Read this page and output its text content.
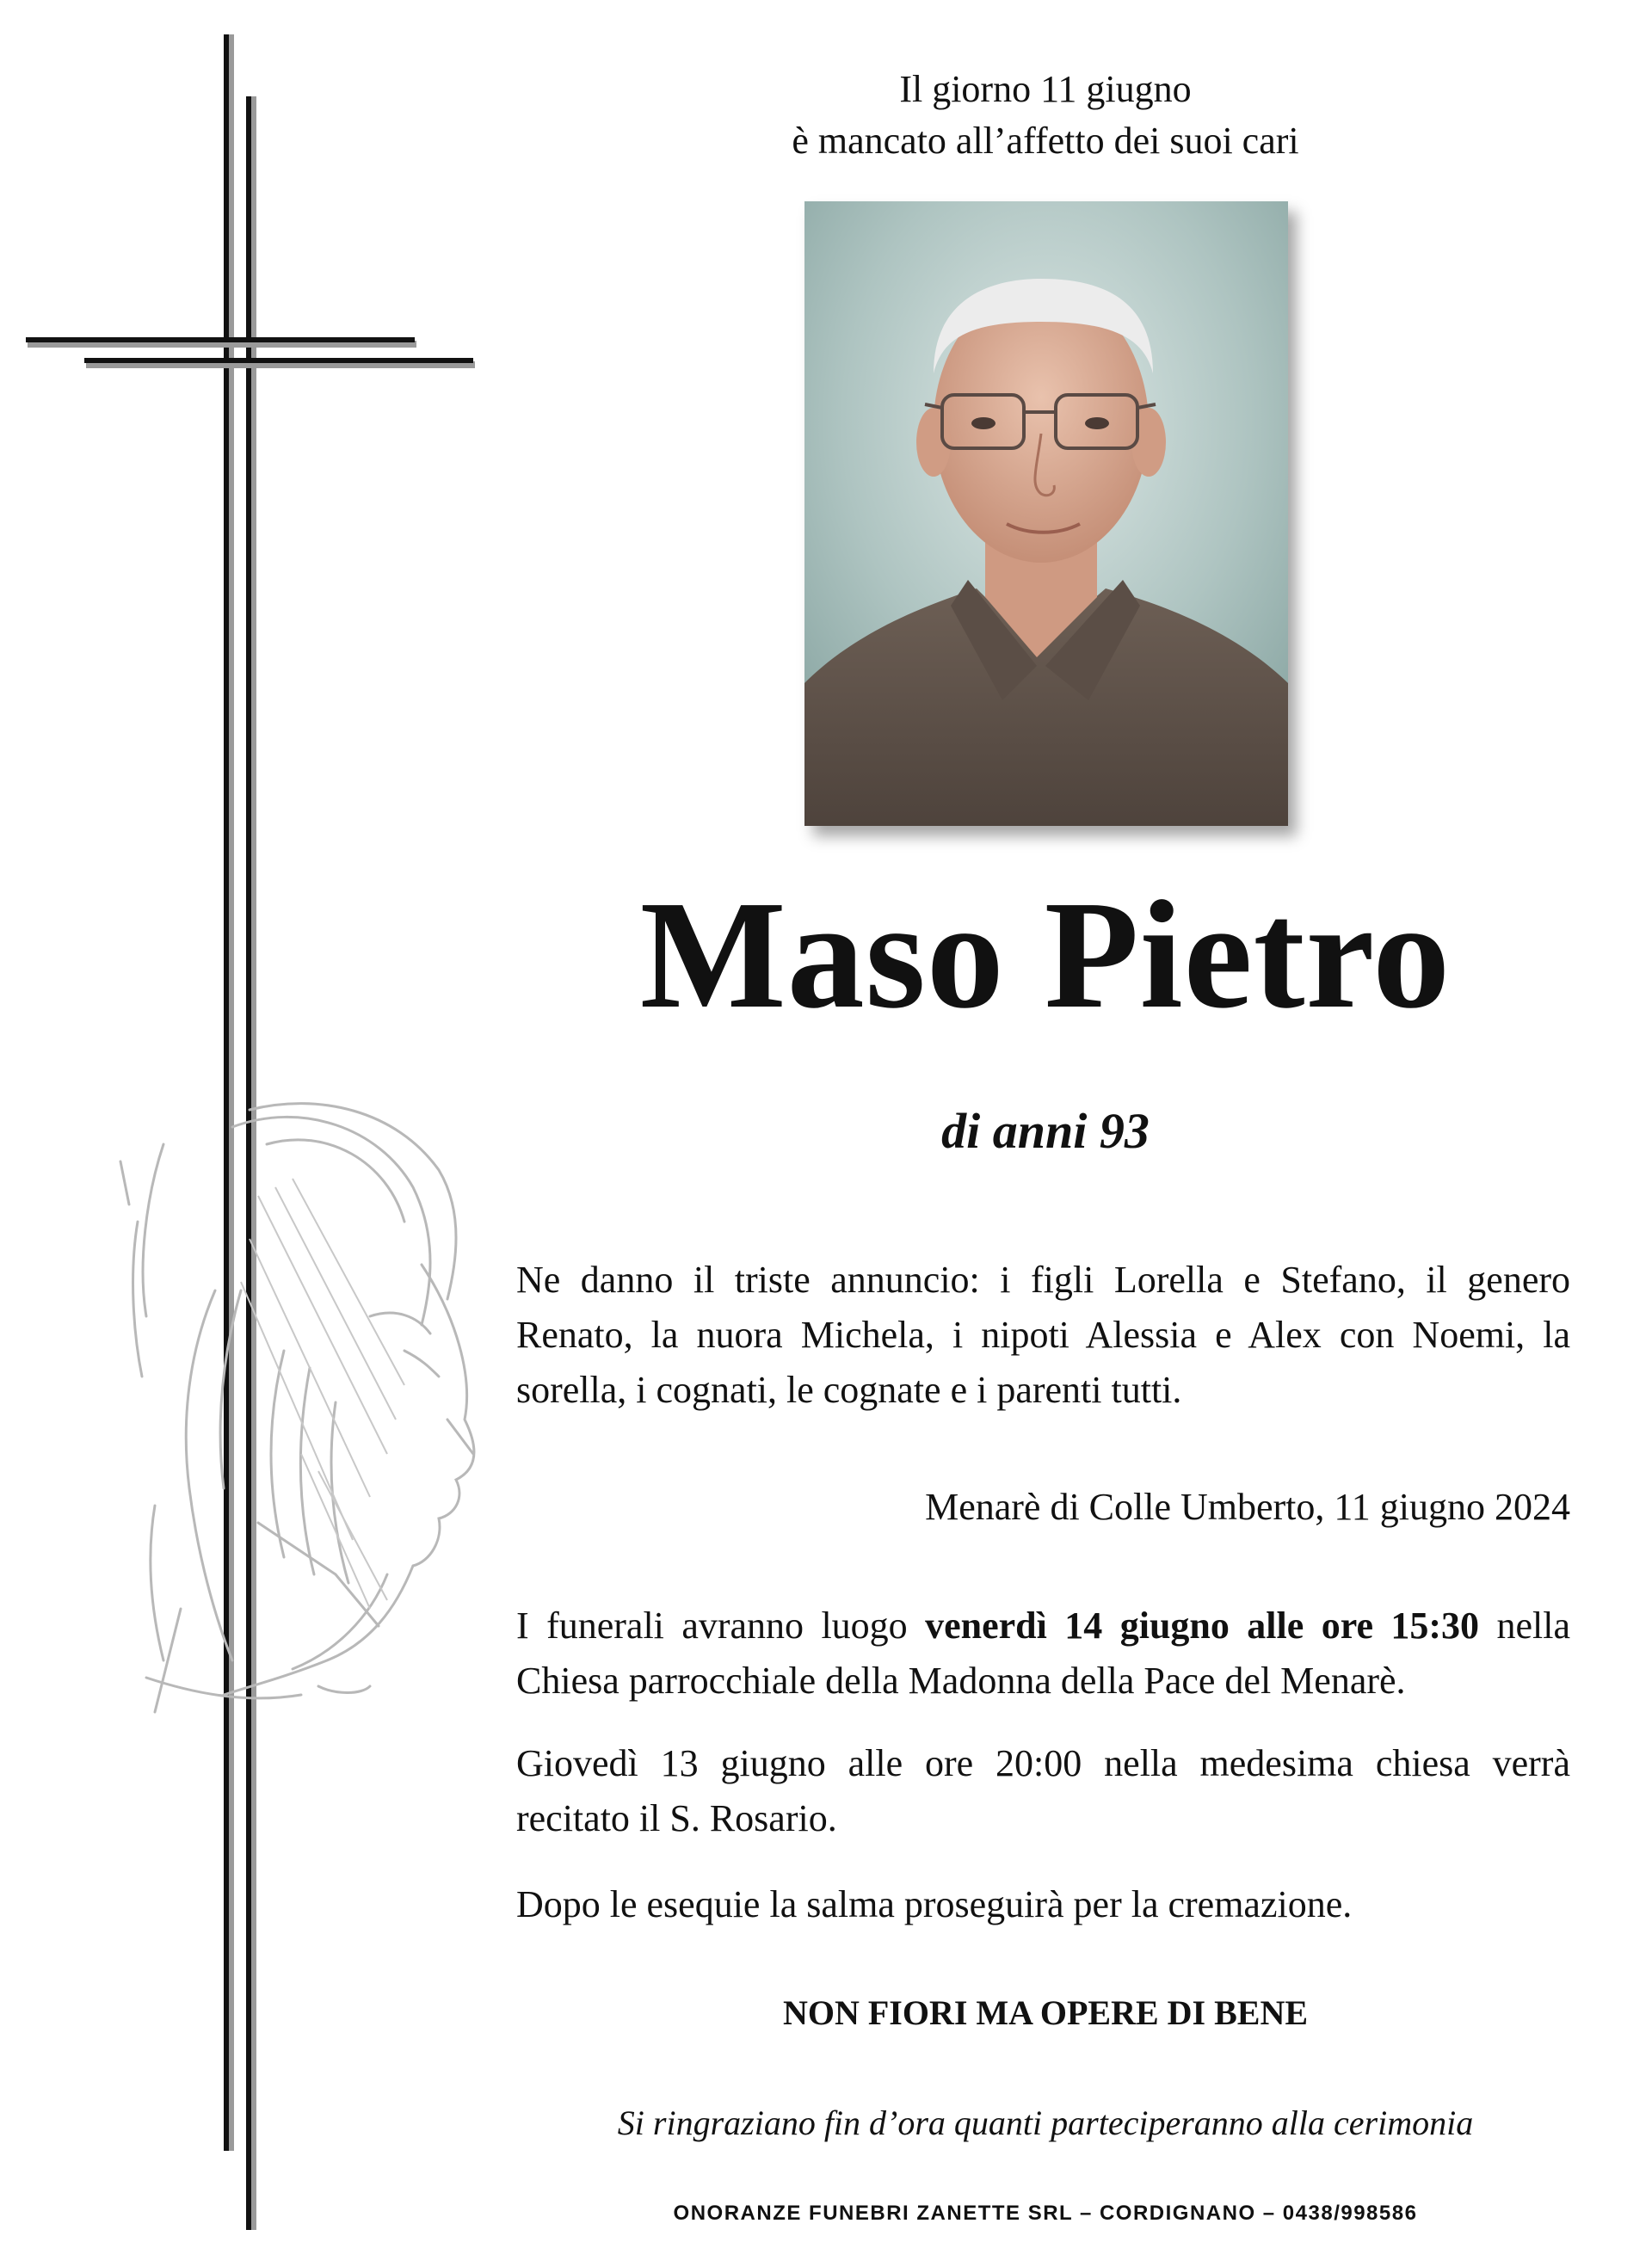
Il giorno 11 giugno
è mancato all’affetto dei suoi cari
Maso Pietro
di anni 93
Ne danno il triste annuncio: i figli Lorella e Stefano, il genero Renato, la nuora Michela, i nipoti Alessia e Alex con Noemi, la sorella, i cognati, le cognate e i parenti tutti.
Menarè di Colle Umberto, 11 giugno 2024
I funerali avranno luogo venerdì 14 giugno alle ore 15:30 nella Chiesa parrocchiale della Madonna della Pace del Menarè.
Giovedì 13 giugno alle ore 20:00 nella medesima chiesa verrà recitato il S. Rosario.
Dopo le esequie la salma proseguirà per la cremazione.
NON FIORI MA OPERE DI BENE
Si ringraziano fin d’ora quanti parteciperanno alla cerimonia
ONORANZE FUNEBRI ZANETTE SRL – CORDIGNANO – 0438/998586
